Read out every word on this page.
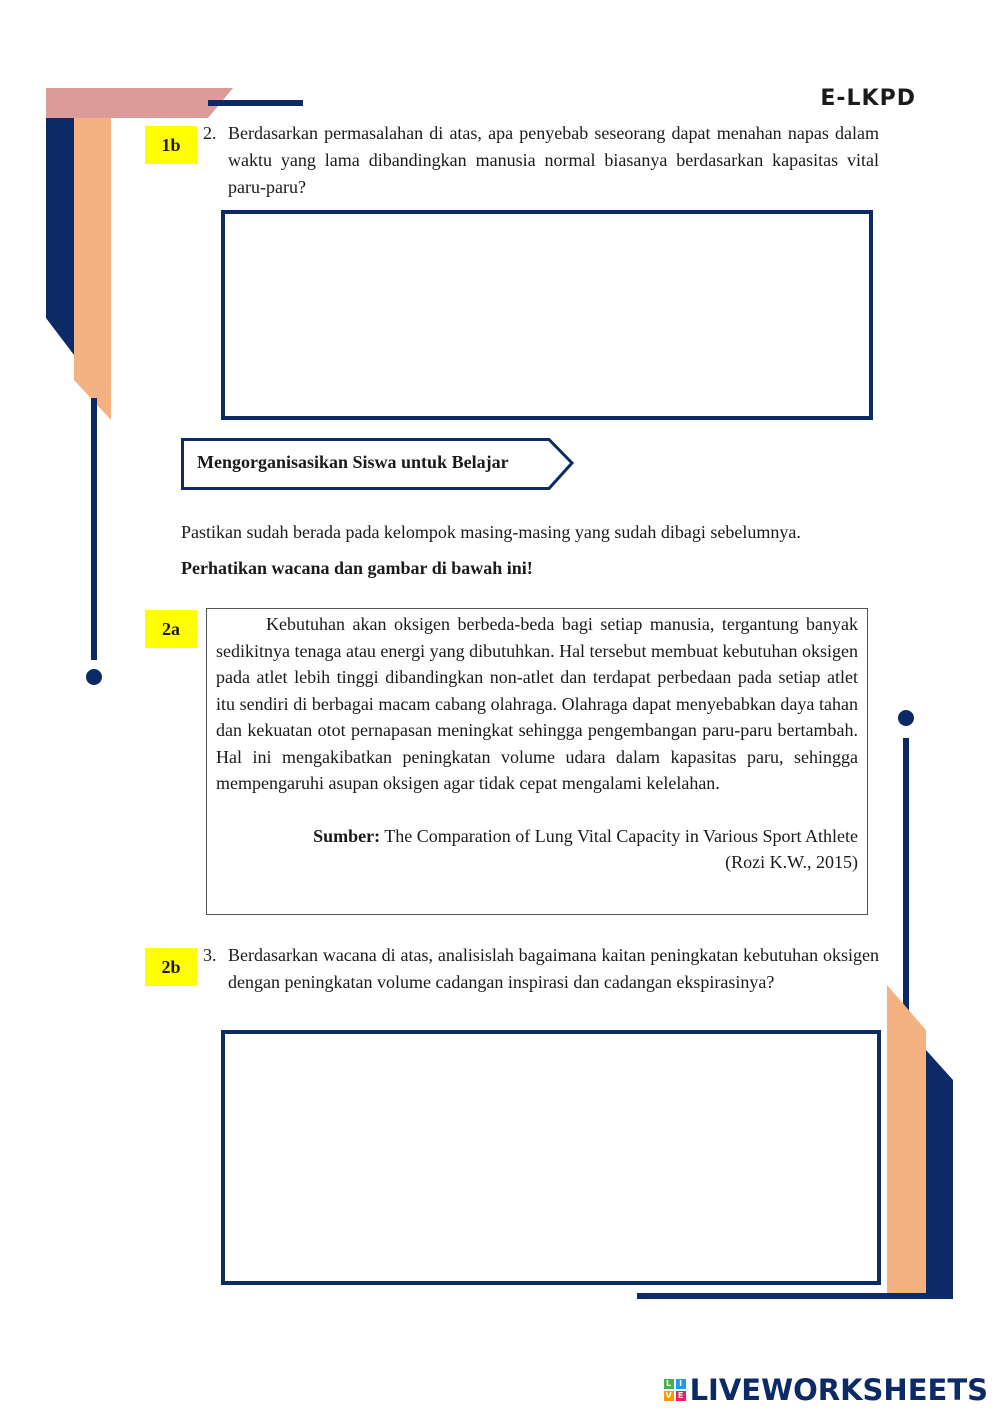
E-LKPD
1b
2. Berdasarkan permasalahan di atas, apa penyebab seseorang dapat menahan napas dalam waktu yang lama dibandingkan manusia normal biasanya berdasarkan kapasitas vital paru-paru?
Mengorganisasikan Siswa untuk Belajar
Pastikan sudah berada pada kelompok masing-masing yang sudah dibagi sebelumnya.
Perhatikan wacana dan gambar di bawah ini!
2a	Kebutuhan akan oksigen berbeda-beda bagi setiap manusia, tergantung banyak sedikitnya tenaga atau energi yang dibutuhkan. Hal tersebut membuat kebutuhan oksigen pada atlet lebih tinggi dibandingkan non-atlet dan terdapat perbedaan pada setiap atlet itu sendiri di berbagai macam cabang olahraga. Olahraga dapat menyebabkan daya tahan dan kekuatan otot pernapasan meningkat sehingga pengembangan paru-paru bertambah. Hal ini mengakibatkan peningkatan volume udara dalam kapasitas paru, sehingga mempengaruhi asupan oksigen agar tidak cepat mengalami kelelahan.
Sumber: The Comparation of Lung Vital Capacity in Various Sport Athlete
(Rozi K.W., 2015)
2b
3. Berdasarkan wacana di atas, analisislah bagaimana kaitan peningkatan kebutuhan oksigen dengan peningkatan volume cadangan inspirasi dan cadangan ekspirasinya?
L I
V E LIVEWORKSHEETS
